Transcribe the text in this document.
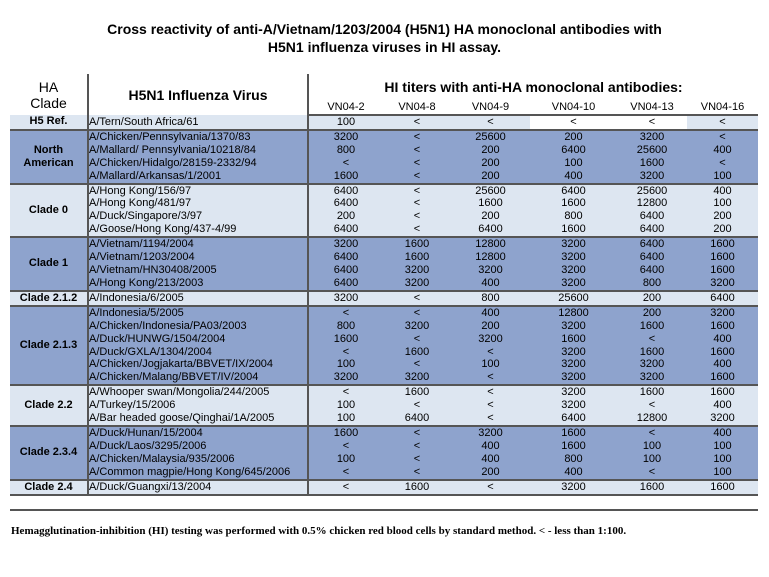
Cross reactivity of anti-A/Vietnam/1203/2004 (H5N1) HA monoclonal antibodies with
H5N1 influenza viruses in HI assay.
HA
Clade	H5N1 Influenza Virus	HI titers with anti-HA monoclonal antibodies:					
		VN04-2	VN04-8	VN04-9	VN04-10	VN04-13	VN04-16
H5 Ref.	A/Tern/South Africa/61	100	<	<	<	<	<
North American	A/Chicken/Pennsylvania/1370/83	3200	<	25600	200	3200	<
	A/Mallard/ Pennsylvania/10218/84	800	<	200	6400	25600	400
	A/Chicken/Hidalgo/28159-2332/94	<	<	200	100	1600	<
	A/Mallard/Arkansas/1/2001	1600	<	200	400	3200	100
Clade 0	A/Hong Kong/156/97	6400	<	25600	6400	25600	400
	A/Hong Kong/481/97	6400	<	1600	1600	12800	100
	A/Duck/Singapore/3/97	200	<	200	800	6400	200
	A/Goose/Hong Kong/437-4/99	6400	<	6400	1600	6400	200
Clade 1	A/Vietnam/1194/2004	3200	1600	12800	3200	6400	1600
	A/Vietnam/1203/2004	6400	1600	12800	3200	6400	1600
	A/Vietnam/HN30408/2005	6400	3200	3200	3200	6400	1600
	A/Hong Kong/213/2003	6400	3200	400	3200	800	3200
Clade 2.1.2	A/Indonesia/6/2005	3200	<	800	25600	200	6400
Clade 2.1.3	A/Indonesia/5/2005	<	<	400	12800	200	3200
	A/Chicken/Indonesia/PA03/2003	800	3200	200	3200	1600	1600
	A/Duck/HUNWG/1504/2004	1600	<	3200	1600	<	400
	A/Duck/GXLA/1304/2004	<	1600	<	3200	1600	1600
	A/Chicken/Jogjakarta/BBVET/IX/2004	100	<	100	3200	3200	400
	A/Chicken/Malang/BBVET/IV/2004	3200	3200	<	3200	3200	1600
Clade 2.2	A/Whooper swan/Mongolia/244/2005	<	1600	<	3200	1600	1600
	A/Turkey/15/2006	100	<	<	3200	<	400
	A/Bar headed goose/Qinghai/1A/2005	100	6400	<	6400	12800	3200
Clade 2.3.4	A/Duck/Hunan/15/2004	1600	<	3200	1600	<	400
	A/Duck/Laos/3295/2006	<	<	400	1600	100	100
	A/Chicken/Malaysia/935/2006	100	<	400	800	100	100
	A/Common magpie/Hong Kong/645/2006	<	<	200	400	<	100
Clade 2.4	A/Duck/Guangxi/13/2004	<	1600	<	3200	1600	1600
Hemagglutination-inhibition (HI) testing was performed with 0.5% chicken red blood cells by standard method. < - less than 1:100.
